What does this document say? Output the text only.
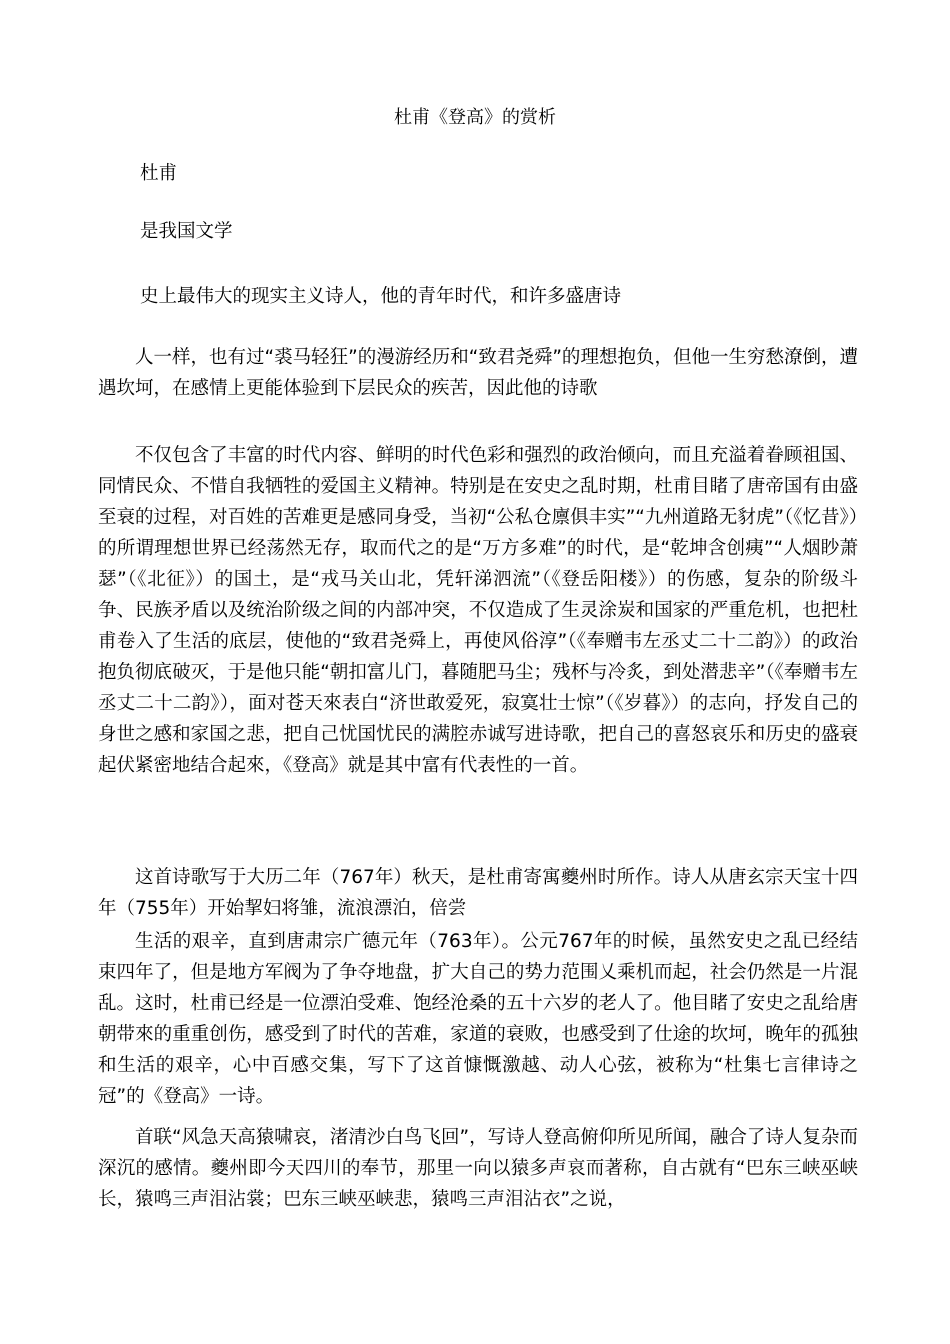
杜甫《登高》的赏析
杜甫
是我国文学
史上最伟大的现实主义诗人，他的青年时代，和许多盛唐诗

人一样，也有过“裘马轻狂”的漫游经历和“致君尧舜”的理想抱负，但他一生穷愁潦倒，遭遇坎坷，在感情上更能体验到下层民众的疾苦，因此他的诗歌

不仅包含了丰富的时代内容、鲜明的时代色彩和强烈的政治倾向，而且充溢着眷顾祖国、同情民众、不惜自我牺牲的爱国主义精神。特别是在安史之乱时期，杜甫目睹了唐帝国有由盛至衰的过程，对百姓的苦难更是感同身受，当初“公私仓廪俱丰实”“九州道路无豺虎”（《忆昔》）的所谓理想世界已经荡然无存，取而代之的是“万方多难”的时代，是“乾坤含创痍”“人烟眇萧瑟”（《北征》）的国土，是“戎马关山北，凭轩涕泗流”（《登岳阳楼》）的伤感，复杂的阶级斗争、民族矛盾以及统治阶级之间的内部冲突，不仅造成了生灵涂炭和国家的严重危机，也把杜甫卷入了生活的底层，使他的“致君尧舜上，再使风俗淳”（《奉赠韦左丞丈二十二韵》）的政治抱负彻底破灭，于是他只能“朝扣富儿门，暮随肥马尘；残杯与冷炙，到处潜悲辛”（《奉赠韦左丞丈二十二韵》），面对苍天來表白“济世敢爱死，寂寞壮士惊”（《岁暮》）的志向，抒发自己的身世之感和家国之悲，把自己忧国忧民的满腔赤诚写进诗歌，把自己的喜怒哀乐和历史的盛衰起伏紧密地结合起來，《登高》就是其中富有代表性的一首。

这首诗歌写于大历二年（767年）秋天，是杜甫寄寓夔州时所作。诗人从唐玄宗天宝十四年（755年）开始挈妇将雏，流浪漂泊，倍尝

生活的艰辛，直到唐肃宗广德元年（763年）。公元767年的时候，虽然安史之乱已经结束四年了，但是地方军阀为了争夺地盘，扩大自己的势力范围乂乘机而起，社会仍然是一片混乱。这时，杜甫已经是一位漂泊受难、饱经沧桑的五十六岁的老人了。他目睹了安史之乱给唐朝带來的重重创伤，感受到了时代的苦难，家道的衰败，也感受到了仕途的坎坷，晚年的孤独和生活的艰辛，心中百感交集，写下了这首慷慨激越、动人心弦，被称为“杜集七言律诗之冠”的《登高》一诗。

首联“风急天高猿啸哀，渚清沙白鸟飞回”，写诗人登高俯仰所见所闻，融合了诗人复杂而深沉的感情。夔州即今天四川的奉节，那里一向以猿多声哀而著称，自古就有“巴东三峡巫峡长，猿鸣三声泪沾裳；巴东三峡巫峡悲，猿鸣三声泪沾衣”之说，
